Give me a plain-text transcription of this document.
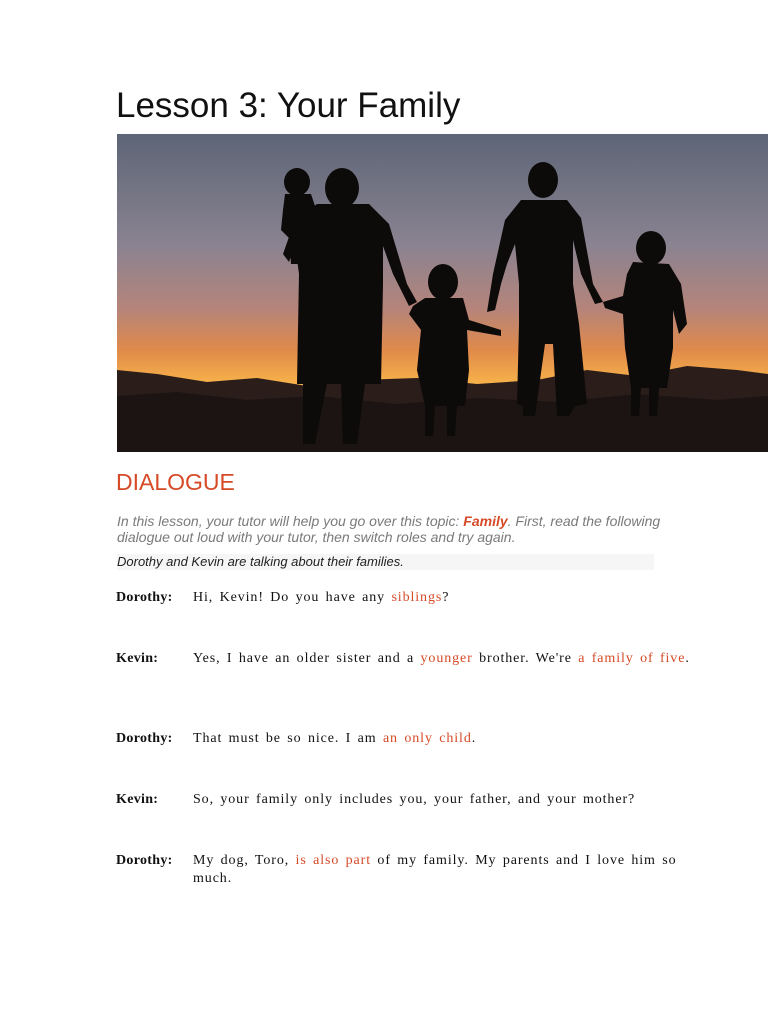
Lesson 3: Your Family
DIALOGUE
In this lesson, your tutor will help you go over this topic: Family. First, read the following dialogue out loud with your tutor, then switch roles and try again.
Dorothy and Kevin are talking about their families.
Dorothy: Hi, Kevin! Do you have any siblings?
Kevin: Yes, I have an older sister and a younger brother. We're a family of five.
Dorothy: That must be so nice. I am an only child.
Kevin: So, your family only includes you, your father, and your mother?
Dorothy: My dog, Toro, is also part of my family. My parents and I love him so much.
